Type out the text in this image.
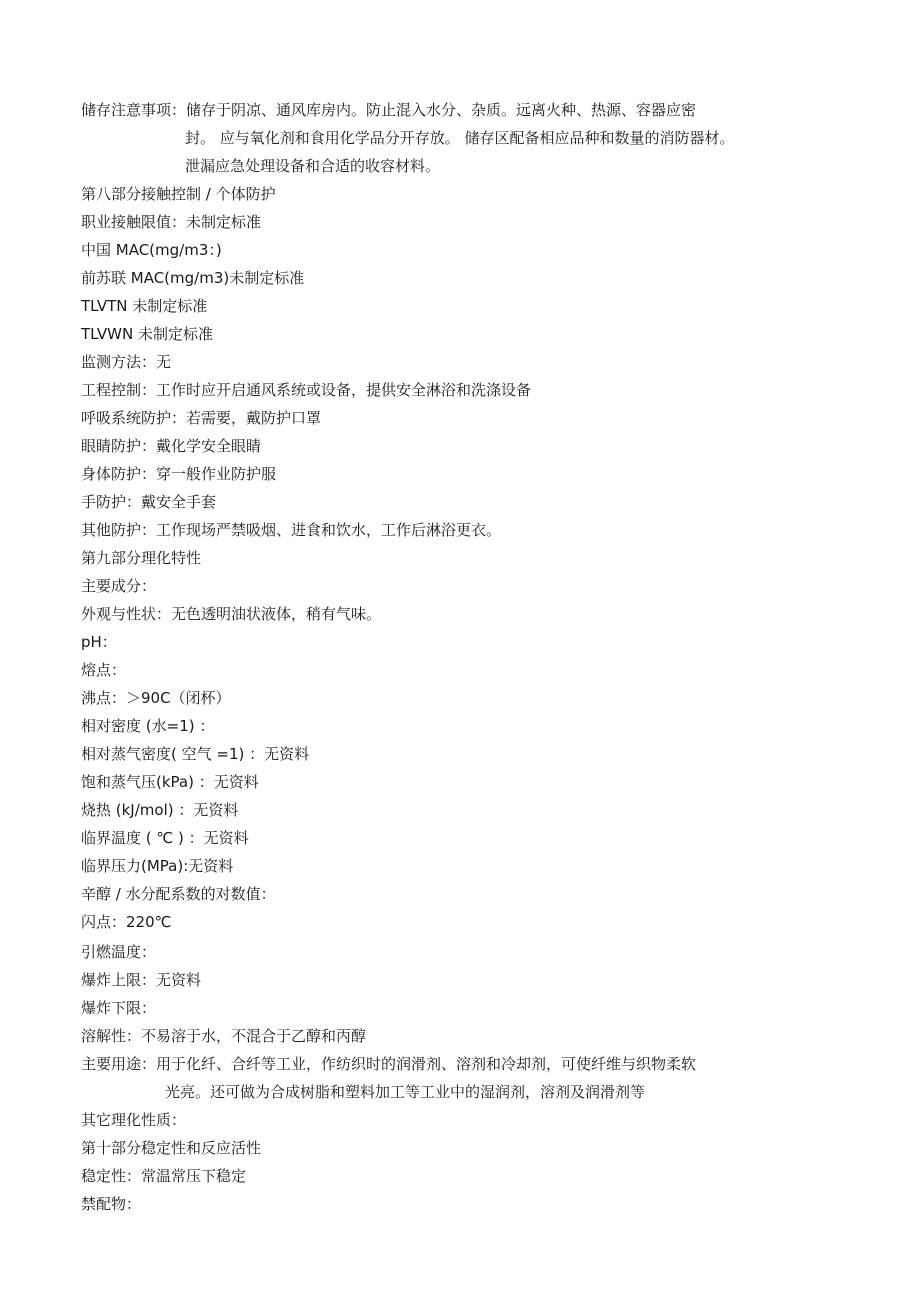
储存注意事项：储存于阴凉、通风库房内。防止混入水分、杂质。远离火种、热源、容器应密
封。 应与氧化剂和食用化学品分开存放。 储存区配备相应品种和数量的消防器材。
泄漏应急处理设备和合适的收容材料。
第八部分接触控制 / 个体防护
职业接触限值：未制定标准
中国 MAC(mg/m3：)
前苏联 MAC(mg/m3)未制定标准
TLVTN 未制定标准
TLVWN 未制定标准
监测方法：无
工程控制：工作时应开启通风系统或设备，提供安全淋浴和洗涤设备
呼吸系统防护：若需要，戴防护口罩
眼睛防护：戴化学安全眼睛
身体防护：穿一般作业防护服
手防护：戴安全手套
其他防护：工作现场严禁吸烟、进食和饮水，工作后淋浴更衣。
第九部分理化特性
主要成分：
外观与性状：无色透明油状液体，稍有气味。
pH：
熔点：
沸点：＞90C（闭杯）
相对密度 (水=1) ：
相对蒸气密度( 空气 =1) ：无资料
饱和蒸气压(kPa) ：无资料
烧热 (kJ/mol) ：无资料
临界温度 ( ℃ ) ：无资料
临界压力(MPa):无资料
辛醇 / 水分配系数的对数值：
闪点：220℃
引燃温度：
爆炸上限：无资料
爆炸下限：
溶解性：不易溶于水，不混合于乙醇和丙醇
主要用途：用于化纤、合纤等工业，作纺织时的润滑剂、溶剂和冷却剂，可使纤维与织物柔软
光亮。还可做为合成树脂和塑料加工等工业中的湿润剂，溶剂及润滑剂等
其它理化性质：
第十部分稳定性和反应活性
稳定性：常温常压下稳定
禁配物：
